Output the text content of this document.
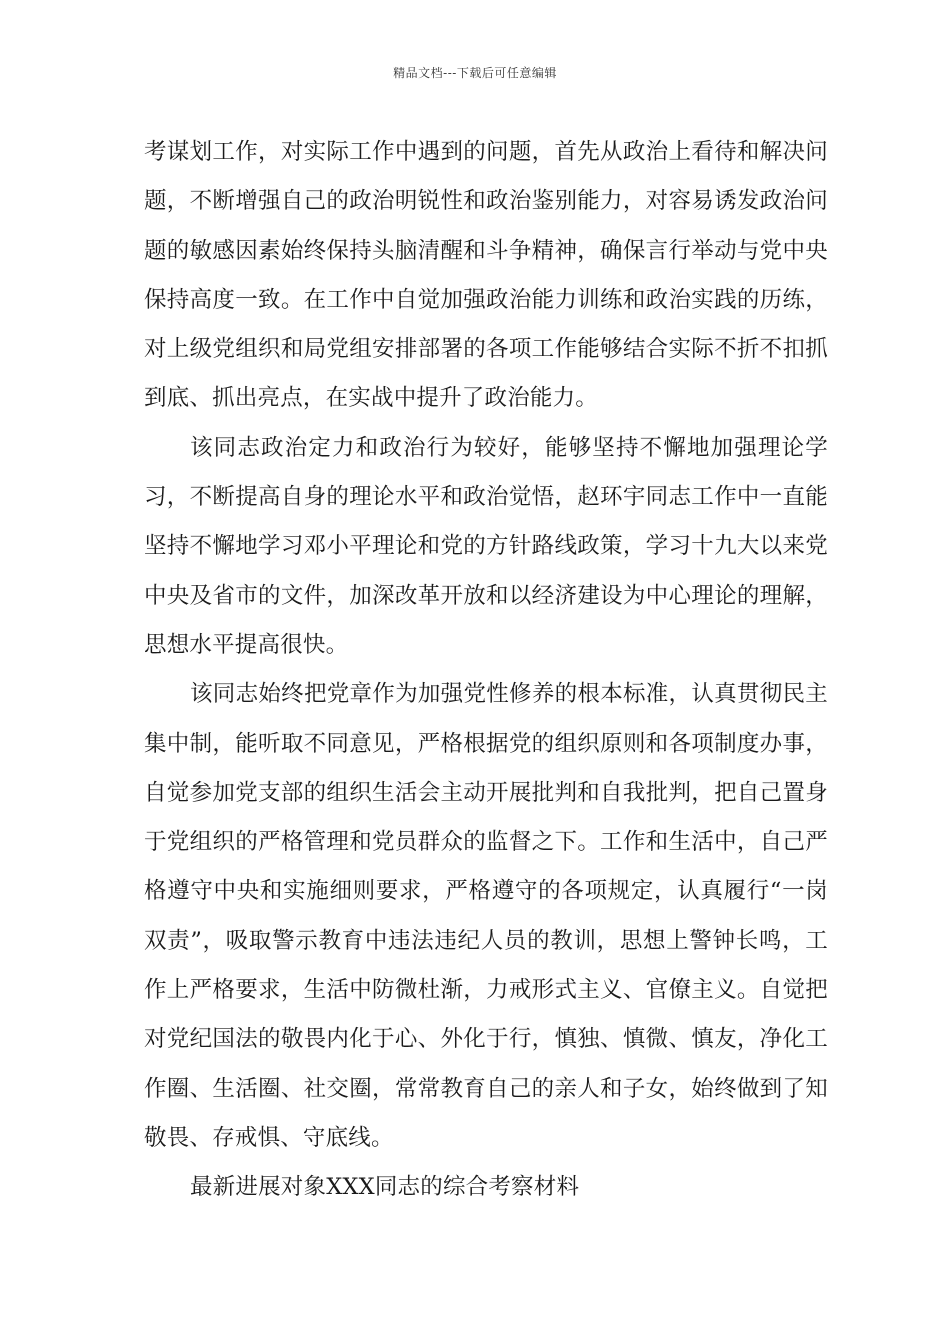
精品文档---下载后可任意编辑

考谋划工作，对实际工作中遇到的问题，首先从政治上看待和解决问题，不断增强自己的政治明锐性和政治鉴别能力，对容易诱发政治问题的敏感因素始终保持头脑清醒和斗争精神，确保言行举动与党中央保持高度一致。在工作中自觉加强政治能力训练和政治实践的历练，对上级党组织和局党组安排部署的各项工作能够结合实际不折不扣抓到底、抓出亮点，在实战中提升了政治能力。

该同志政治定力和政治行为较好，能够坚持不懈地加强理论学习，不断提高自身的理论水平和政治觉悟，赵环宇同志工作中一直能坚持不懈地学习邓小平理论和党的方针路线政策，学习十九大以来党中央及省市的文件，加深改革开放和以经济建设为中心理论的理解，思想水平提高很快。

该同志始终把党章作为加强党性修养的根本标准，认真贯彻民主集中制，能听取不同意见，严格根据党的组织原则和各项制度办事，自觉参加党支部的组织生活会主动开展批判和自我批判，把自己置身于党组织的严格管理和党员群众的监督之下。工作和生活中，自己严格遵守中央和实施细则要求，严格遵守的各项规定，认真履行“一岗双责”，吸取警示教育中违法违纪人员的教训，思想上警钟长鸣，工作上严格要求，生活中防微杜渐，力戒形式主义、官僚主义。自觉把对党纪国法的敬畏内化于心、外化于行，慎独、慎微、慎友，净化工作圈、生活圈、社交圈，常常教育自己的亲人和子女，始终做到了知敬畏、存戒惧、守底线。

最新进展对象XXX同志的综合考察材料
